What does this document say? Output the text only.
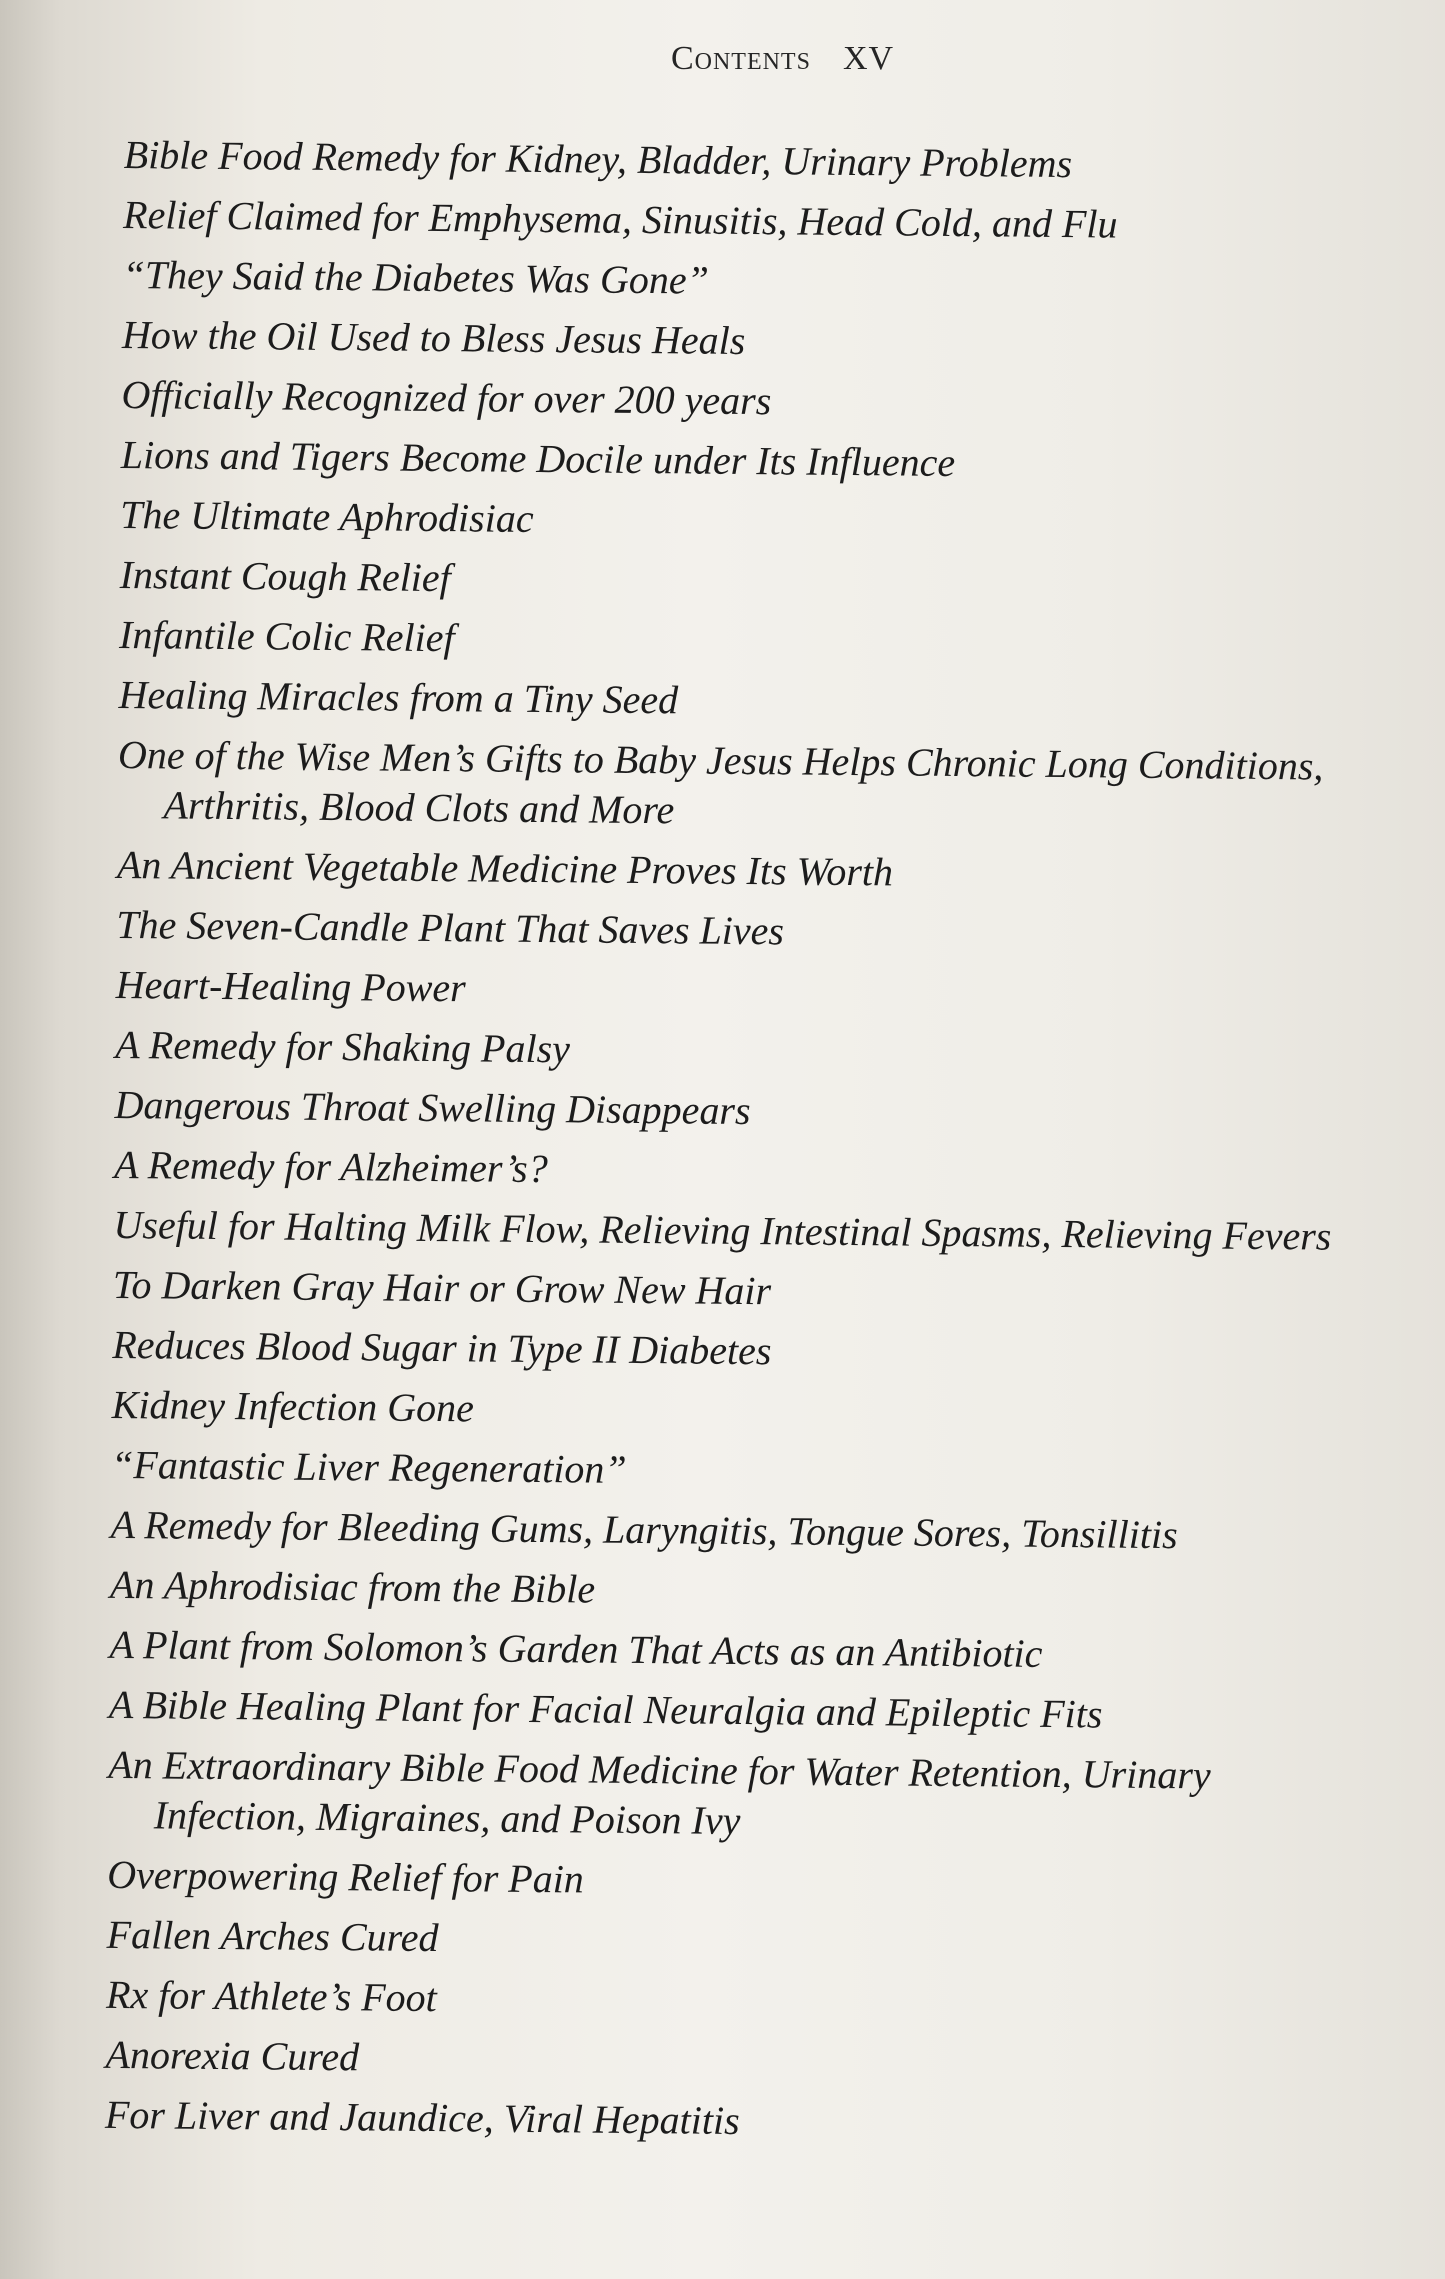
Contents XV
Bible Food Remedy for Kidney, Bladder, Urinary Problems
Relief Claimed for Emphysema, Sinusitis, Head Cold, and Flu
“They Said the Diabetes Was Gone”
How the Oil Used to Bless Jesus Heals
Officially Recognized for over 200 years
Lions and Tigers Become Docile under Its Influence
The Ultimate Aphrodisiac
Instant Cough Relief
Infantile Colic Relief
Healing Miracles from a Tiny Seed
One of the Wise Men’s Gifts to Baby Jesus Helps Chronic Long Conditions, Arthritis, Blood Clots and More
An Ancient Vegetable Medicine Proves Its Worth
The Seven-Candle Plant That Saves Lives
Heart-Healing Power
A Remedy for Shaking Palsy
Dangerous Throat Swelling Disappears
A Remedy for Alzheimer’s?
Useful for Halting Milk Flow, Relieving Intestinal Spasms, Relieving Fevers
To Darken Gray Hair or Grow New Hair
Reduces Blood Sugar in Type II Diabetes
Kidney Infection Gone
“Fantastic Liver Regeneration”
A Remedy for Bleeding Gums, Laryngitis, Tongue Sores, Tonsillitis
An Aphrodisiac from the Bible
A Plant from Solomon’s Garden That Acts as an Antibiotic
A Bible Healing Plant for Facial Neuralgia and Epileptic Fits
An Extraordinary Bible Food Medicine for Water Retention, Urinary Infection, Migraines, and Poison Ivy
Overpowering Relief for Pain
Fallen Arches Cured
Rx for Athlete’s Foot
Anorexia Cured
For Liver and Jaundice, Viral Hepatitis
